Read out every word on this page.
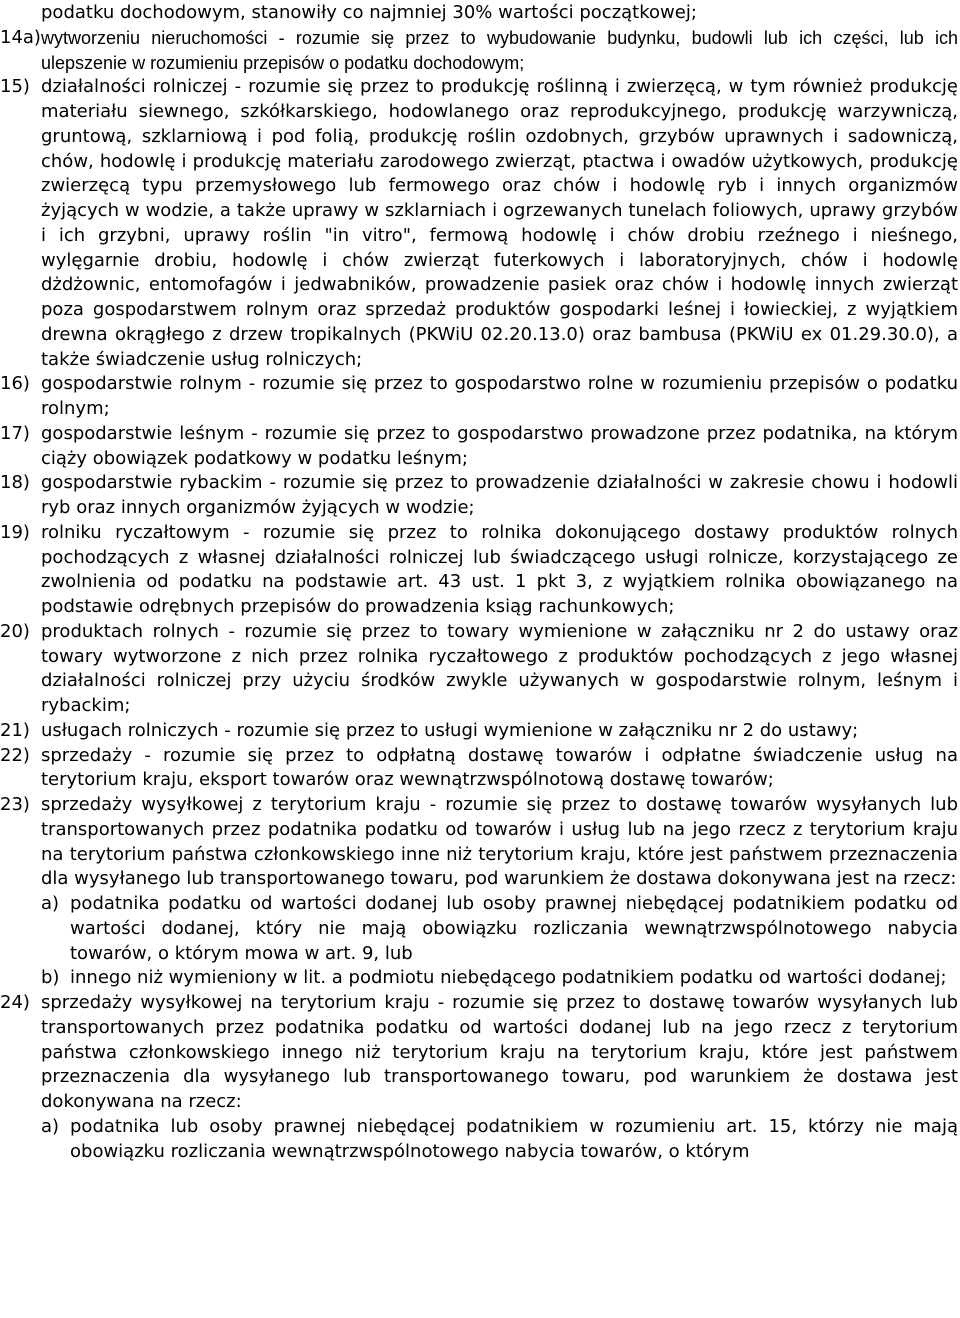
podatku dochodowym, stanowiły co najmniej 30% wartości początkowej;
14a) wytworzeniu nieruchomości - rozumie się przez to wybudowanie budynku, budowli lub ich części, lub ich ulepszenie w rozumieniu przepisów o podatku dochodowym;
15) działalności rolniczej - rozumie się przez to produkcję roślinną i zwierzęcą, w tym również produkcję materiału siewnego, szkółkarskiego, hodowlanego oraz reprodukcyjnego, produkcję warzywniczą, gruntową, szklarniową i pod folią, produkcję roślin ozdobnych, grzybów uprawnych i sadowniczą, chów, hodowlę i produkcję materiału zarodowego zwierząt, ptactwa i owadów użytkowych, produkcję zwierzęcą typu przemysłowego lub fermowego oraz chów i hodowlę ryb i innych organizmów żyjących w wodzie, a także uprawy w szklarniach i ogrzewanych tunelach foliowych, uprawy grzybów i ich grzybni, uprawy roślin "in vitro", fermową hodowlę i chów drobiu rzeźnego i nieśnego, wylęgarnie drobiu, hodowlę i chów zwierząt futerkowych i laboratoryjnych, chów i hodowlę dżdżownic, entomofagów i jedwabników, prowadzenie pasiek oraz chów i hodowlę innych zwierząt poza gospodarstwem rolnym oraz sprzedaż produktów gospodarki leśnej i łowieckiej, z wyjątkiem drewna okrągłego z drzew tropikalnych (PKWiU 02.20.13.0) oraz bambusa (PKWiU ex 01.29.30.0), a także świadczenie usług rolniczych;
16) gospodarstwie rolnym - rozumie się przez to gospodarstwo rolne w rozumieniu przepisów o podatku rolnym;
17) gospodarstwie leśnym - rozumie się przez to gospodarstwo prowadzone przez podatnika, na którym ciąży obowiązek podatkowy w podatku leśnym;
18) gospodarstwie rybackim - rozumie się przez to prowadzenie działalności w zakresie chowu i hodowli ryb oraz innych organizmów żyjących w wodzie;
19) rolniku ryczałtowym - rozumie się przez to rolnika dokonującego dostawy produktów rolnych pochodzących z własnej działalności rolniczej lub świadczącego usługi rolnicze, korzystającego ze zwolnienia od podatku na podstawie art. 43 ust. 1 pkt 3, z wyjątkiem rolnika obowiązanego na podstawie odrębnych przepisów do prowadzenia ksiąg rachunkowych;
20) produktach rolnych - rozumie się przez to towary wymienione w załączniku nr 2 do ustawy oraz towary wytworzone z nich przez rolnika ryczałtowego z produktów pochodzących z jego własnej działalności rolniczej przy użyciu środków zwykle używanych w gospodarstwie rolnym, leśnym i rybackim;
21) usługach rolniczych - rozumie się przez to usługi wymienione w załączniku nr 2 do ustawy;
22) sprzedaży - rozumie się przez to odpłatną dostawę towarów i odpłatne świadczenie usług na terytorium kraju, eksport towarów oraz wewnątrzwspólnotową dostawę towarów;
23) sprzedaży wysyłkowej z terytorium kraju - rozumie się przez to dostawę towarów wysyłanych lub transportowanych przez podatnika podatku od towarów i usług lub na jego rzecz z terytorium kraju na terytorium państwa członkowskiego inne niż terytorium kraju, które jest państwem przeznaczenia dla wysyłanego lub transportowanego towaru, pod warunkiem że dostawa dokonywana jest na rzecz:
a) podatnika podatku od wartości dodanej lub osoby prawnej niebędącej podatnikiem podatku od wartości dodanej, który nie mają obowiązku rozliczania wewnątrzwspólnotowego nabycia towarów, o którym mowa w art. 9, lub
b) innego niż wymieniony w lit. a podmiotu niebędącego podatnikiem podatku od wartości dodanej;
24) sprzedaży wysyłkowej na terytorium kraju - rozumie się przez to dostawę towarów wysyłanych lub transportowanych przez podatnika podatku od wartości dodanej lub na jego rzecz z terytorium państwa członkowskiego innego niż terytorium kraju na terytorium kraju, które jest państwem przeznaczenia dla wysyłanego lub transportowanego towaru, pod warunkiem że dostawa jest dokonywana na rzecz:
a) podatnika lub osoby prawnej niebędącej podatnikiem w rozumieniu art. 15, którzy nie mają obowiązku rozliczania wewnątrzwspólnotowego nabycia towarów, o którym
